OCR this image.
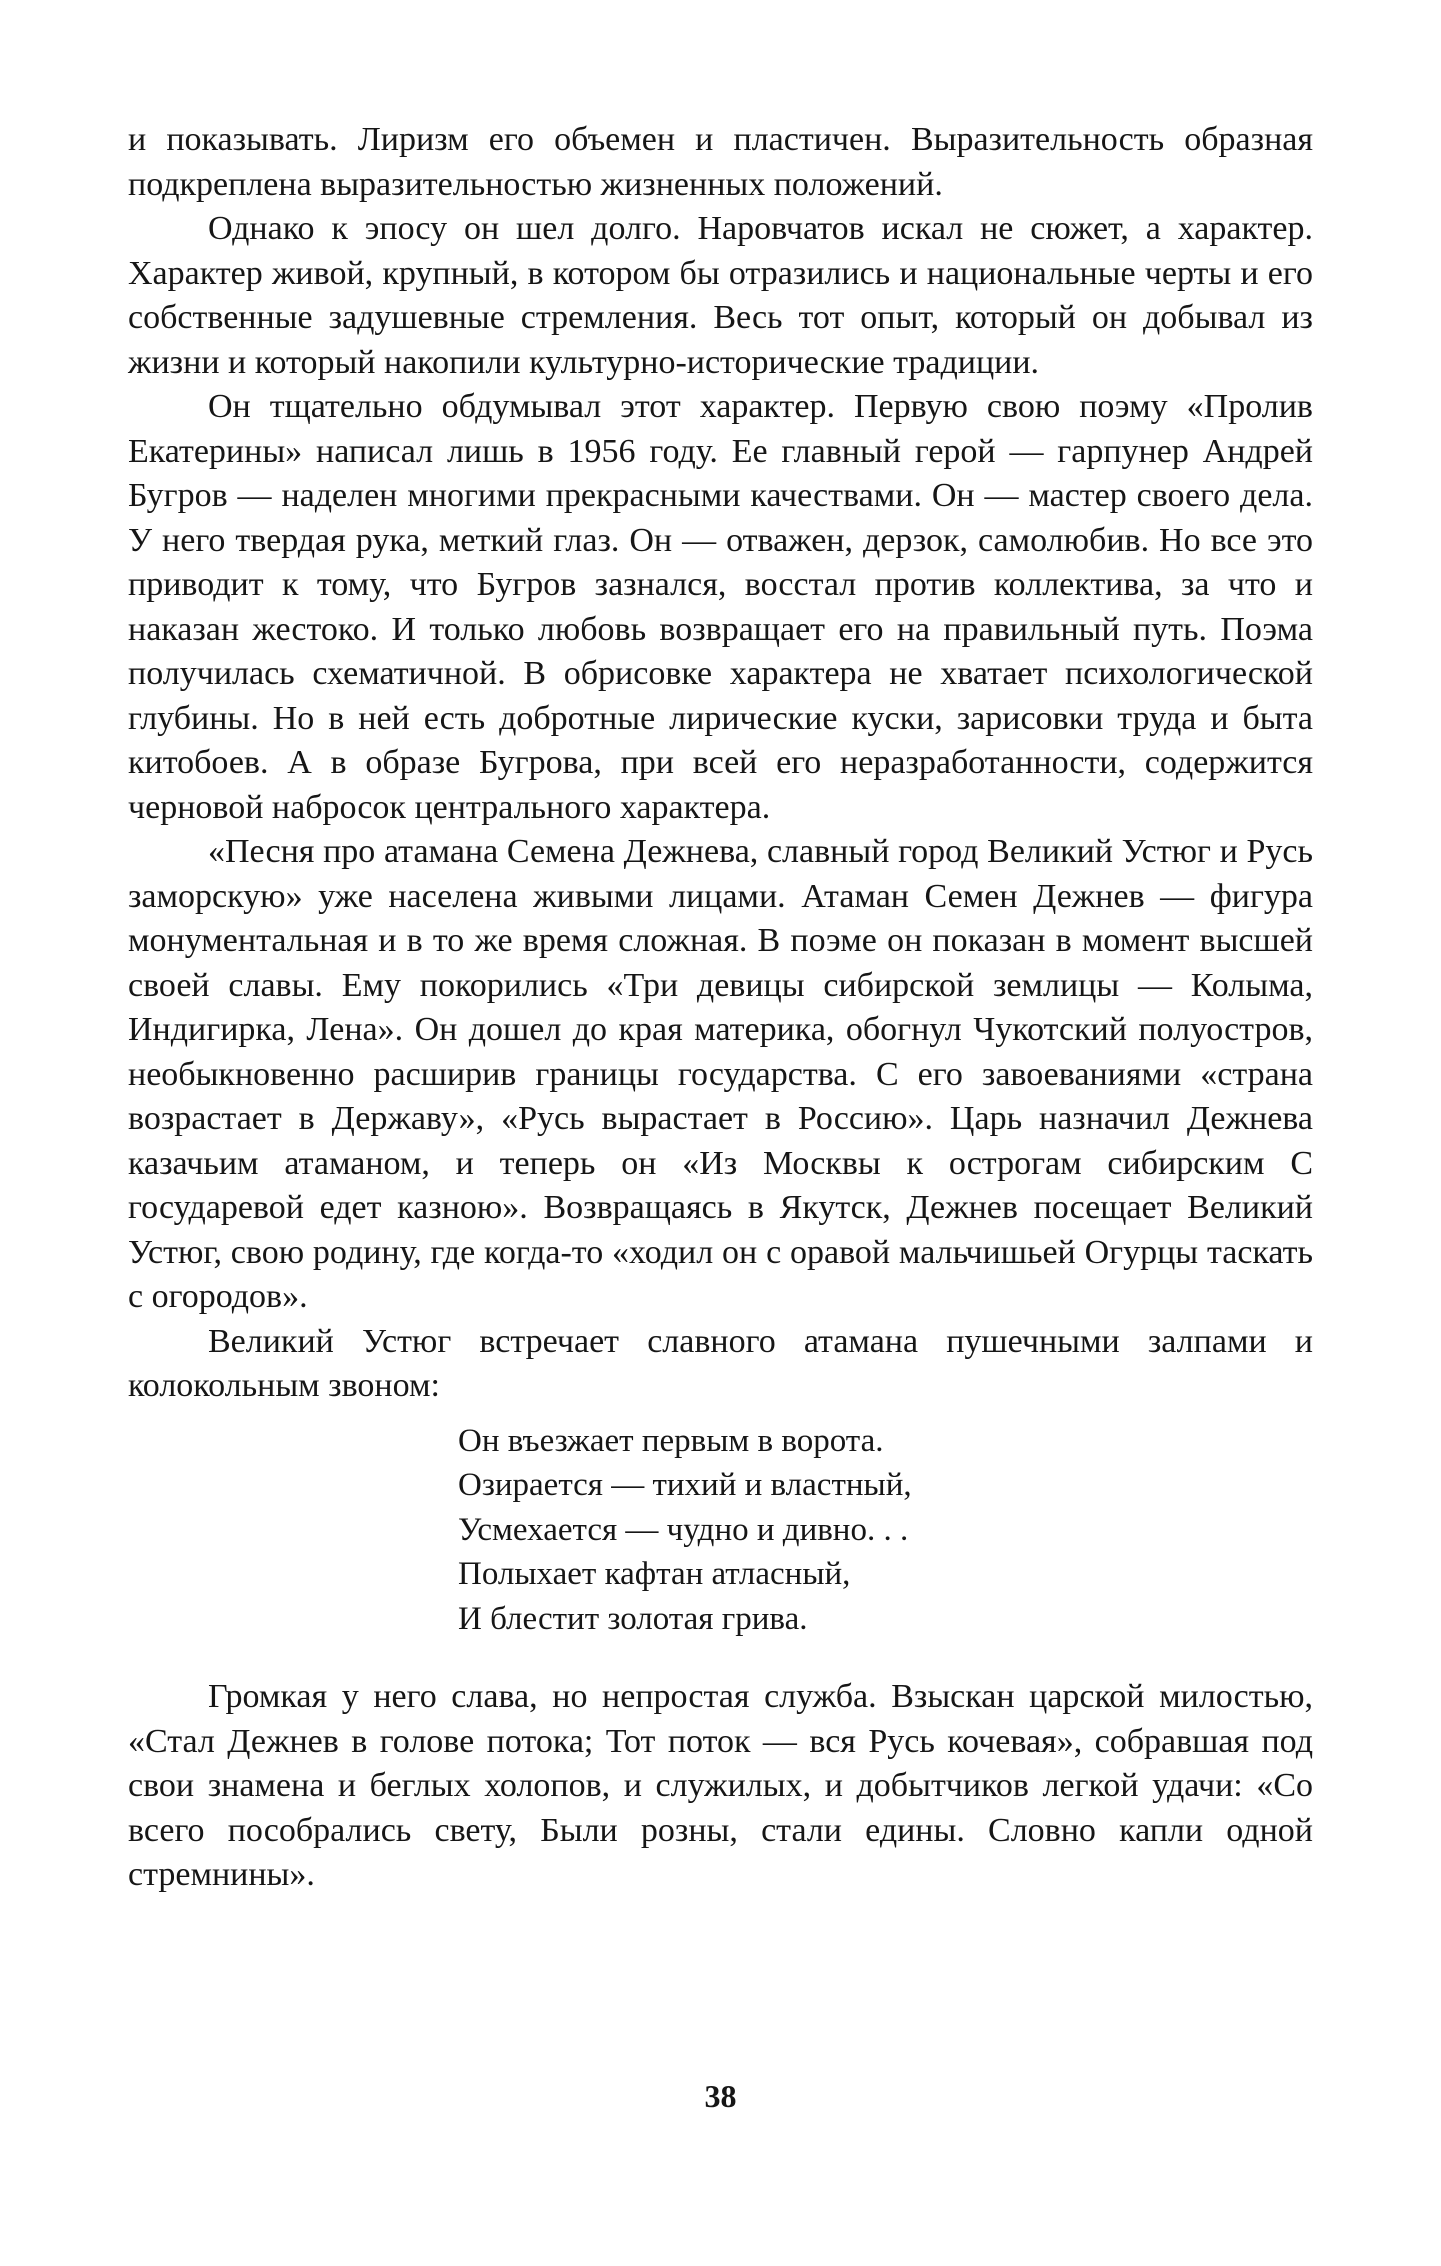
и показывать. Лиризм его объемен и пластичен. Выразительность образная подкреплена выразительностью жизненных положений.

Однако к эпосу он шел долго. Наровчатов искал не сюжет, а характер. Характер живой, крупный, в котором бы отразились и национальные черты и его собственные задушевные стремления. Весь тот опыт, который он добывал из жизни и который накопили культурно-исторические традиции.

Он тщательно обдумывал этот характер. Первую свою поэму «Пролив Екатерины» написал лишь в 1956 году. Ее главный герой — гарпунер Андрей Бугров — наделен многими прекрасными качествами. Он — мастер своего дела. У него твердая рука, меткий глаз. Он — отважен, дерзок, самолюбив. Но все это приводит к тому, что Бугров зазнался, восстал против коллектива, за что и наказан жестоко. И только любовь возвращает его на правильный путь. Поэма получилась схематичной. В обрисовке характера не хватает психологической глубины. Но в ней есть добротные лирические куски, зарисовки труда и быта китобоев. А в образе Бугрова, при всей его неразработанности, содержится черновой набросок центрального характера.

«Песня про атамана Семена Дежнева, славный город Великий Устюг и Русь заморскую» уже населена живыми лицами. Атаман Семен Дежнев — фигура монументальная и в то же время сложная. В поэме он показан в момент высшей своей славы. Ему покорились «Три девицы сибирской землицы — Колыма, Индигирка, Лена». Он дошел до края материка, обогнул Чукотский полуостров, необыкновенно расширив границы государства. С его завоеваниями «страна возрастает в Державу», «Русь вырастает в Россию». Царь назначил Дежнева казачьим атаманом, и теперь он «Из Москвы к острогам сибирским С государевой едет казною». Возвращаясь в Якутск, Дежнев посещает Великий Устюг, свою родину, где когда-то «ходил он с оравой мальчишьей Огурцы таскать с огородов».

Великий Устюг встречает славного атамана пушечными залпами и колокольным звоном:

Он въезжает первым в ворота.
Озирается — тихий и властный,
Усмехается — чудно и дивно. . .
Полыхает кафтан атласный,
И блестит золотая грива.

Громкая у него слава, но непростая служба. Взыскан царской милостью, «Стал Дежнев в голове потока; Тот поток — вся Русь кочевая», собравшая под свои знамена и беглых холопов, и служилых, и добытчиков легкой удачи: «Со всего пособрались свету, Были розны, стали едины. Словно капли одной стремнины».

38
